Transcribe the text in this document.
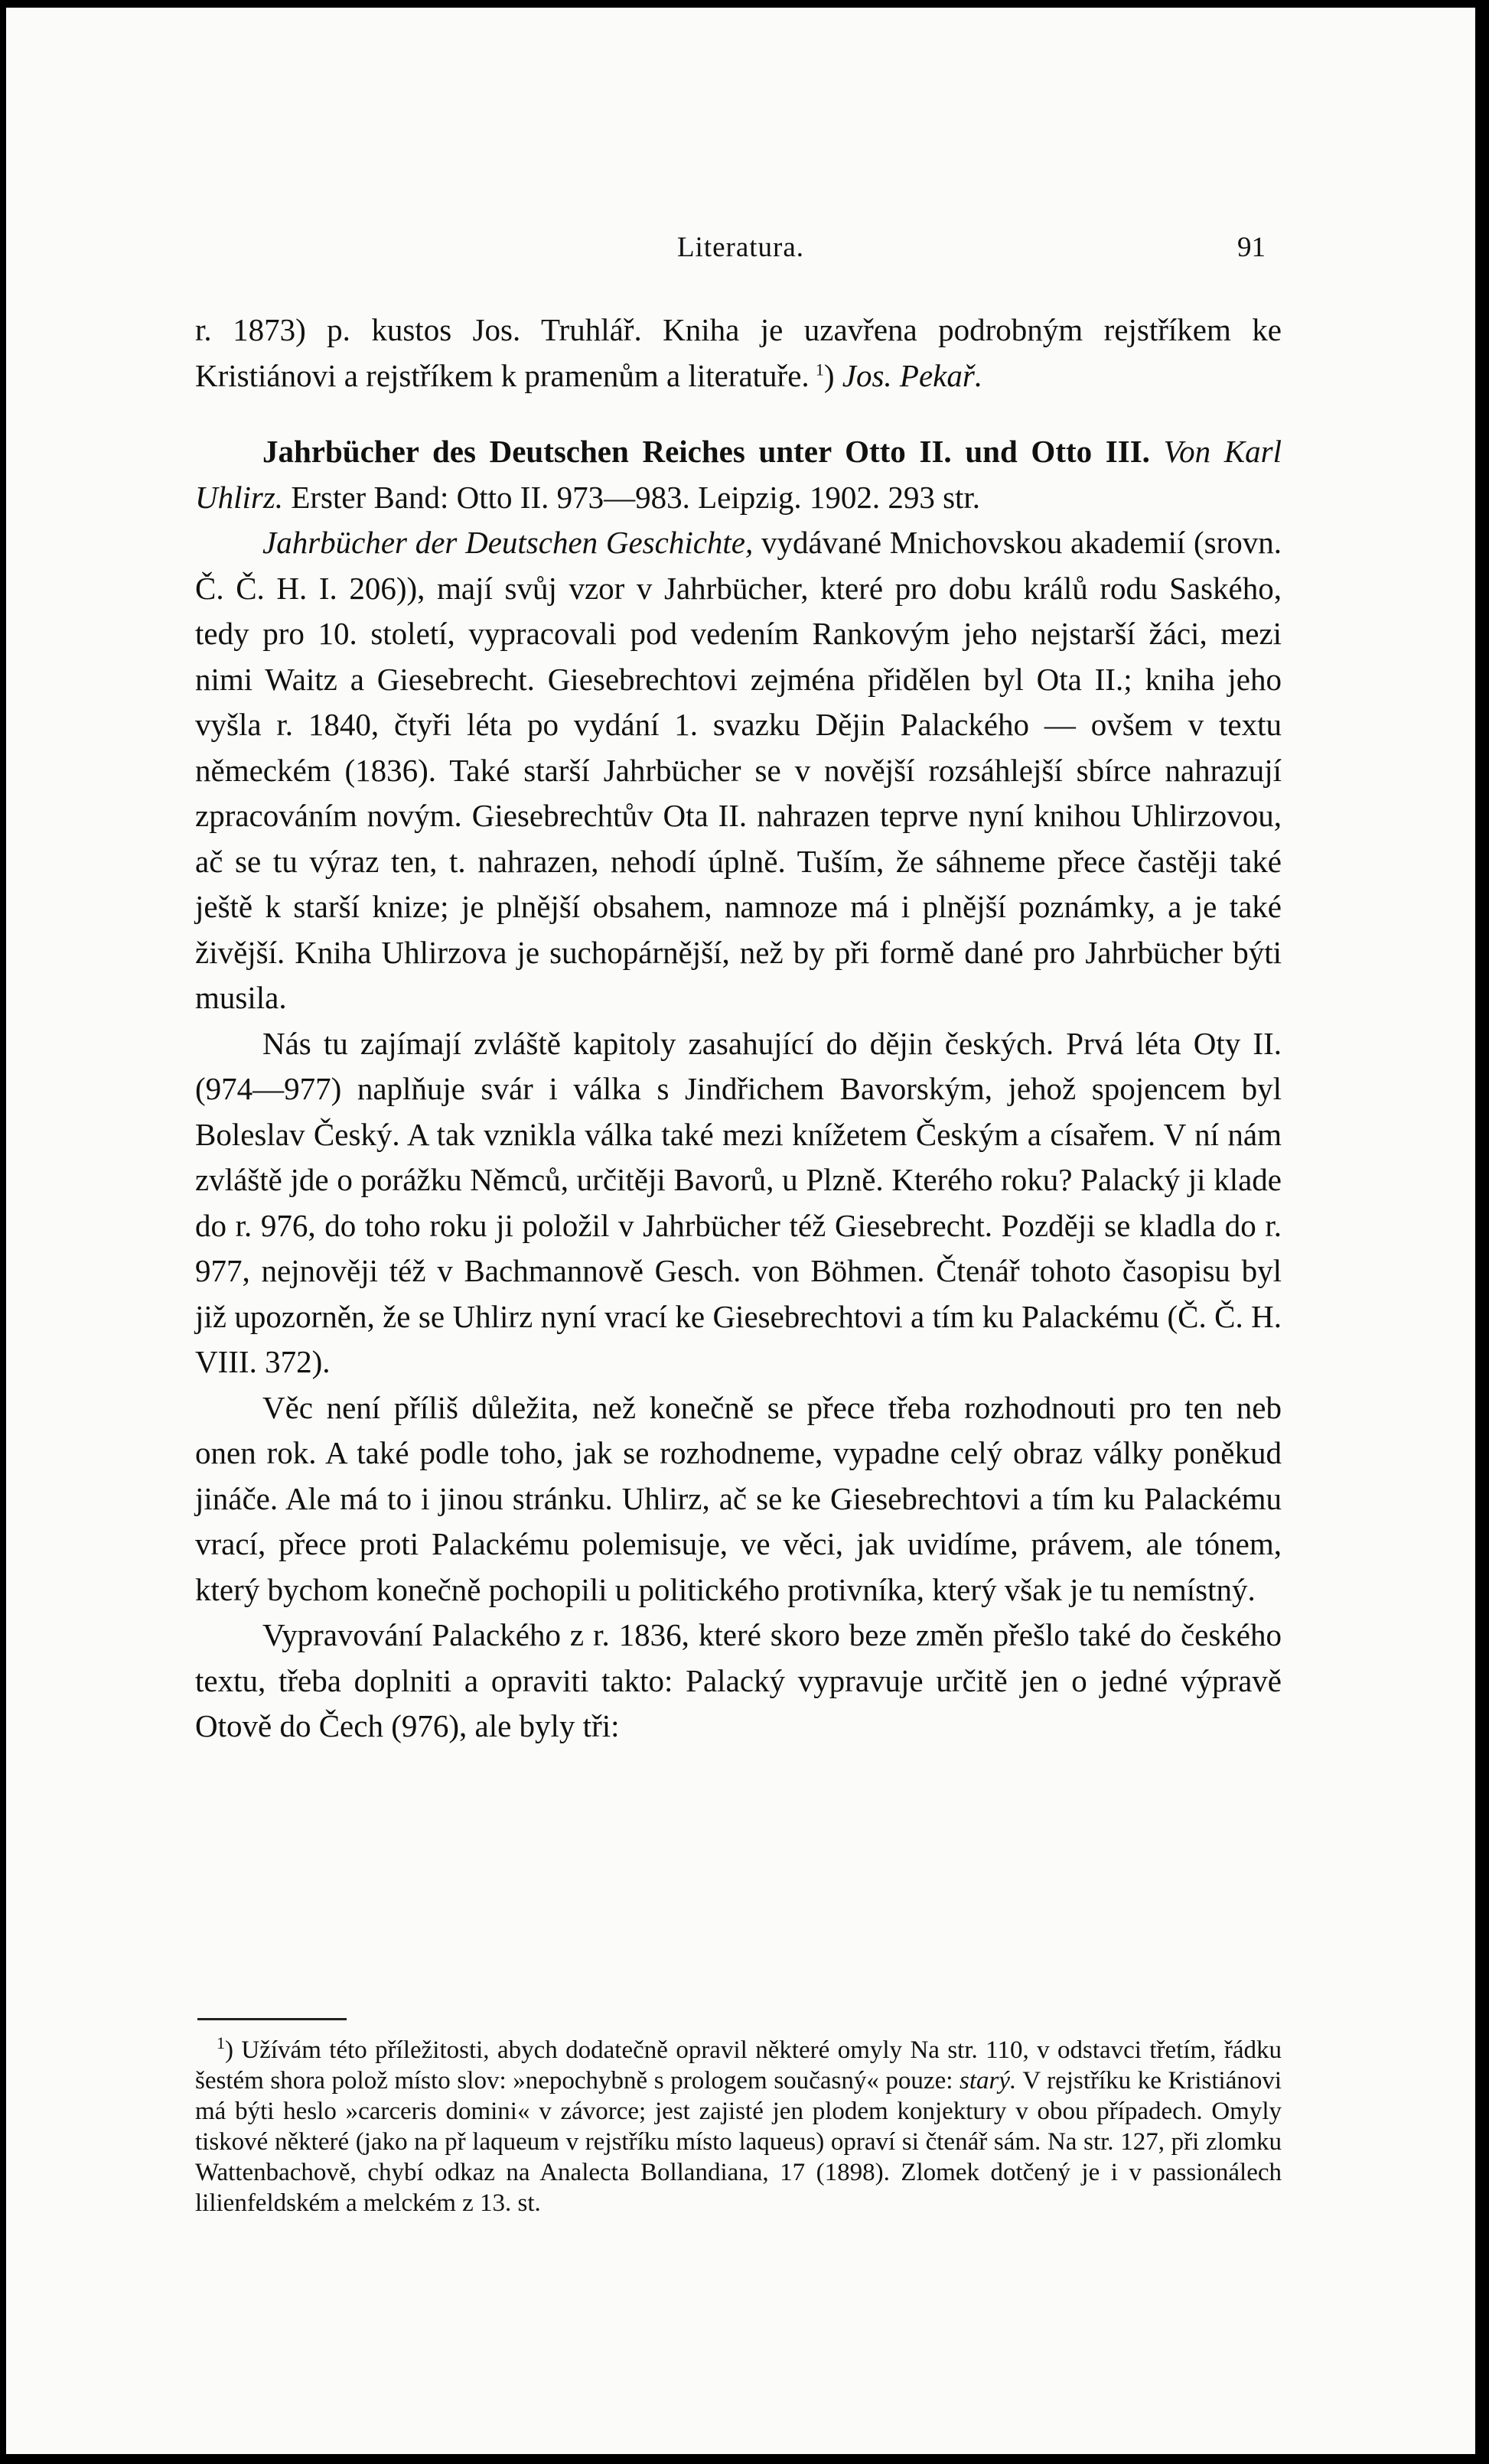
Literatura.	91

r. 1873) p. kustos Jos. Truhlář. Kniha je uzavřena podrobným rejstříkem ke Kristiánovi a rejstříkem k pramenům a literatuře.  $^1$) Jos. Pekař.

Jahrbücher des Deutschen Reiches unter Otto II. und Otto III. Von Karl Uhlirz. Erster Band: Otto II. 973—983. Leipzig. 1902. 293 str.

Jahrbücher der Deutschen Geschichte, vydávané Mnichovskou akademií (srovn. Č. Č. H. I. 206)), mají svůj vzor v Jahrbücher, které pro dobu králů rodu Saského, tedy pro 10. století, vypracovali pod vedením Rankovým jeho nejstarší žáci, mezi nimi Waitz a Giesebrecht. Giesebrechtovi zejména přidělen byl Ota II.; kniha jeho vyšla r. 1840, čtyři léta po vydání 1. svazku Dějin Palackého — ovšem v textu německém (1836). Také starší Jahrbücher se v novější rozsáhlejší sbírce nahrazují zpracováním novým. Giesebrechtův Ota II. nahrazen teprve nyní knihou Uhlirzovou, ač se tu výraz ten, t. nahrazen, nehodí úplně. Tuším, že sáhneme přece častěji také ještě k starší knize; je plnější obsahem, namnoze má i plnější poznámky, a je také živější. Kniha Uhlirzova je suchopárnější, než by při formě dané pro Jahrbücher býti musila.

Nás tu zajímají zvláště kapitoly zasahující do dějin českých. Prvá léta Oty II. (974—977) naplňuje svár i válka s Jindřichem Bavorským, jehož spojencem byl Boleslav Český. A tak vznikla válka také mezi knížetem Českým a císařem. V ní nám zvláště jde o porážku Němců, určitěji Bavorů, u Plzně. Kterého roku? Palacký ji klade do r. 976, do toho roku ji položil v Jahrbücher též Giesebrecht. Později se kladla do r. 977, nejnověji též v Bachmannově Gesch. von Böhmen. Čtenář tohoto časopisu byl již upozorněn, že se Uhlirz nyní vrací ke Giesebrechtovi a tím ku Palackému (Č. Č. H. VIII. 372).

Věc není příliš důležita, než konečně se přece třeba rozhodnouti pro ten neb onen rok. A také podle toho, jak se rozhodneme, vypadne celý obraz války poněkud jináče. Ale má to i jinou stránku. Uhlirz, ač se ke Giesebrechtovi a tím ku Palackému vrací, přece proti Palackému polemisuje, ve věci, jak uvidíme, právem, ale tónem, který bychom konečně pochopili u politického protivníka, který však je tu nemístný.

Vypravování Palackého z r. 1836, které skoro beze změn přešlo také do českého textu, třeba doplniti a opraviti takto: Palacký vypravuje určitě jen o jedné výpravě Otově do Čech (976), ale byly tři:

$^1$) Užívám této příležitosti, abych dodatečně opravil některé omyly Na str. 110, v odstavci třetím, řádku šestém shora polož místo slov: »nepochybně s prologem současný« pouze: starý. V rejstříku ke Kristiánovi má býti heslo »carceris domini« v závorce; jest zajisté jen plodem konjektury v obou případech. Omyly tiskové některé (jako na př laqueum v rejstříku místo laqueus) opraví si čtenář sám. Na str. 127, při zlomku Wattenbachově, chybí odkaz na Analecta Bollandiana, 17 (1898). Zlomek dotčený je i v passionálech lilienfeldském a melckém z 13. st.
